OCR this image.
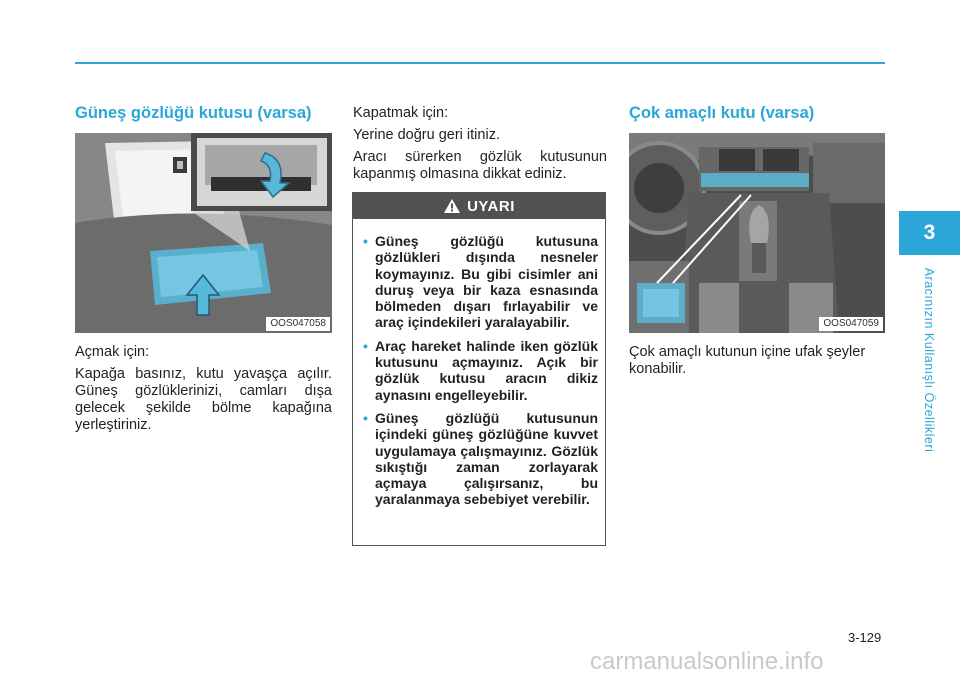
Güneş gözlüğü kutusu (varsa)
OOS047058

Açmak için:

Kapağa basınız, kutu yavaşça açılır. Güneş gözlüklerinizi, camları dışa gelecek şekilde bölme kapağına yerleştiriniz.

Kapatmak için:

Yerine doğru geri itiniz.

Aracı sürerken gözlük kutusunun kapanmış olmasına dikkat ediniz.

UYARI
• Güneş gözlüğü kutusuna gözlükleri dışında nesneler koymayınız. Bu gibi cisimler ani duruş veya bir kaza esnasında bölmeden dışarı fırlayabilir ve araç içindekileri yaralayabilir.
• Araç hareket halinde iken gözlük kutusunu açmayınız. Açık bir gözlük kutusu aracın dikiz aynasını engelleyebilir.
• Güneş gözlüğü kutusunun içindeki güneş gözlüğüne kuvvet uygulamaya çalışmayınız. Gözlük sıkıştığı zaman zorlayarak açmaya çalışırsanız, bu yaralanmaya sebebiyet verebilir.
Çok amaçlı kutu (varsa)
OOS047059

Çok amaçlı kutunun içine ufak şeyler konabilir.

3
Aracınızın Kullanışlı Özellikleri
3-129
carmanualsonline.info
